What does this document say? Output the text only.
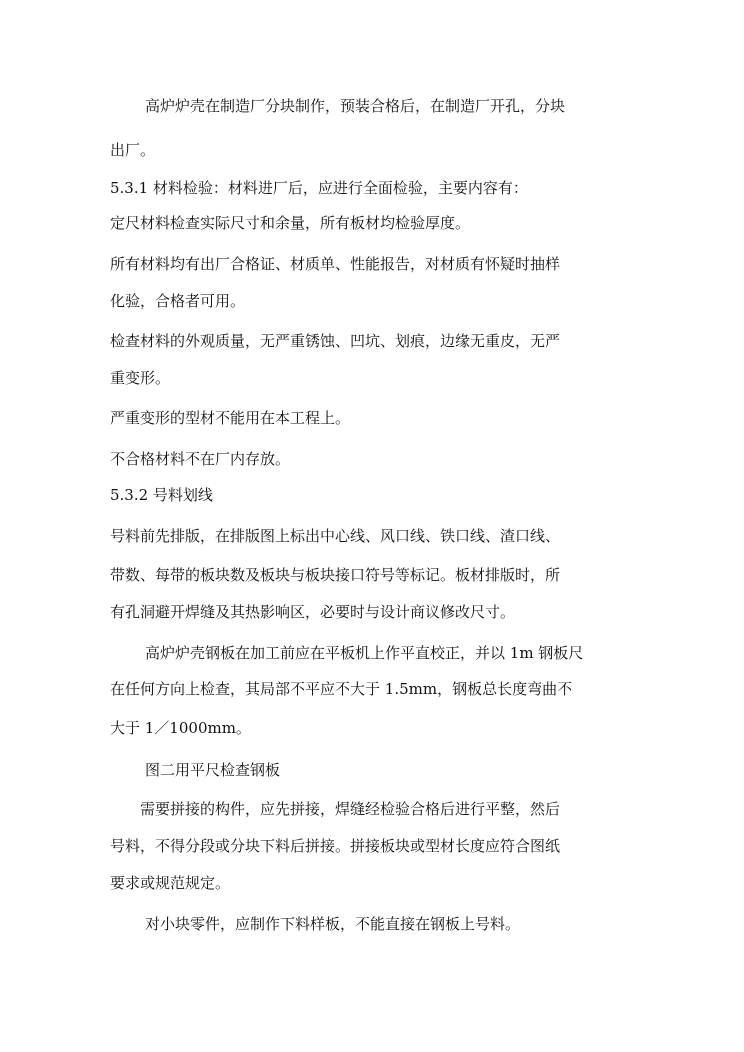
高炉炉壳在制造厂分块制作，预装合格后，在制造厂开孔，分块
出厂。
5.3.1 材料检验：材料进厂后，应进行全面检验，主要内容有：
定尺材料检查实际尺寸和余量，所有板材均检验厚度。
所有材料均有出厂合格证、材质单、性能报告，对材质有怀疑时抽样
化验，合格者可用。
检查材料的外观质量，无严重锈蚀、凹坑、划痕，边缘无重皮，无严
重变形。
严重变形的型材不能用在本工程上。
不合格材料不在厂内存放。
5.3.2 号料划线
号料前先排版，在排版图上标出中心线、风口线、铁口线、渣口线、
带数、每带的板块数及板块与板块接口符号等标记。板材排版时，所
有孔洞避开焊缝及其热影响区，必要时与设计商议修改尺寸。
高炉炉壳钢板在加工前应在平板机上作平直校正，并以 1m 钢板尺
在任何方向上检查，其局部不平应不大于 1.5mm，钢板总长度弯曲不
大于 1／1000mm。
图二用平尺检查钢板
需要拼接的构件，应先拼接，焊缝经检验合格后进行平整，然后
号料，不得分段或分块下料后拼接。拼接板块或型材长度应符合图纸
要求或规范规定。
对小块零件，应制作下料样板，不能直接在钢板上号料。
